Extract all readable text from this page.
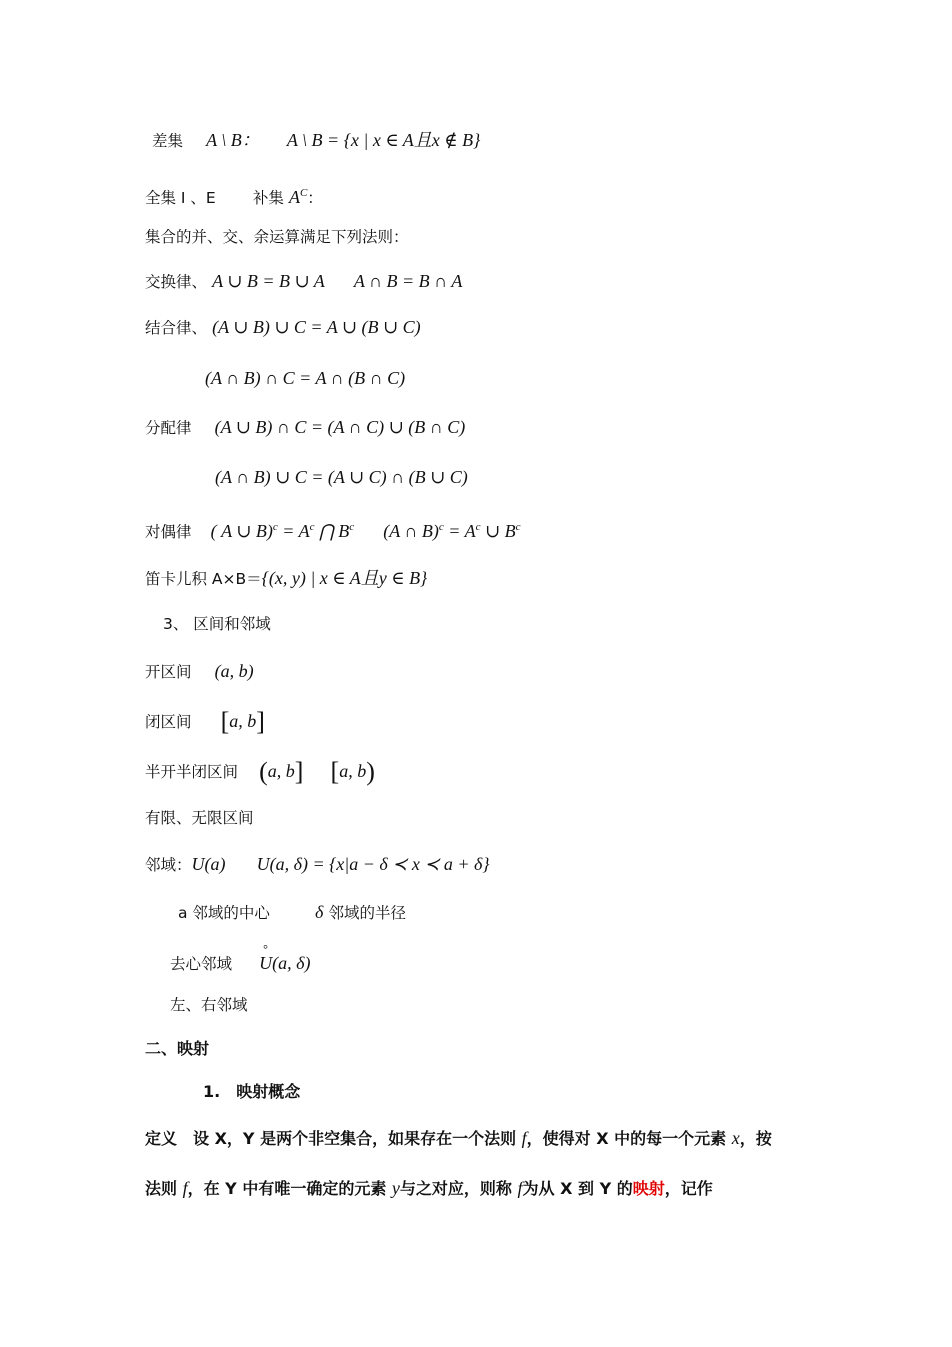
差集 A \ B： A \ B = {x | x ∈ A且x ∉ B}
全集 I 、E 补集 $A^C$：
集合的并、交、余运算满足下列法则：
交换律、 A ∪ B = B ∪ A A ∩ B = B ∩ A
结合律、 (A ∪ B) ∪ C = A ∪ (B ∪ C)
(A ∩ B) ∩ C = A ∩ (B ∩ C)
分配律 (A ∪ B) ∩ C = (A ∩ C) ∪ (B ∩ C)
(A ∩ B) ∪ C = (A ∪ C) ∩ (B ∪ C)
对偶律 ( A ∪ $B)^c = A^c$ ⋂ $B^c$ (A ∩ $B)^c = A^c$ ∪ $B^c$
笛卡儿积 A×B＝{(x, y) | x ∈ A且y ∈ B}
3、 区间和邻域
开区间 (a, b)
闭区间 [a, b]
半开半闭区间 (a, b] [a, b)
有限、无限区间
邻域：U(a) U(a, δ) = {x|a − δ ≺ x ≺ a + δ}
a 邻域的中心	δ 邻域的半径
去心邻域 ° U(a, δ)
左、右邻域
二、映射
1.　映射概念
定义　设 X，Y 是两个非空集合，如果存在一个法则 f，使得对 X 中的每一个元素 x，按
法则 f，在 Y 中有唯一确定的元素 y与之对应，则称 f为从 X 到 Y 的映射，记作
